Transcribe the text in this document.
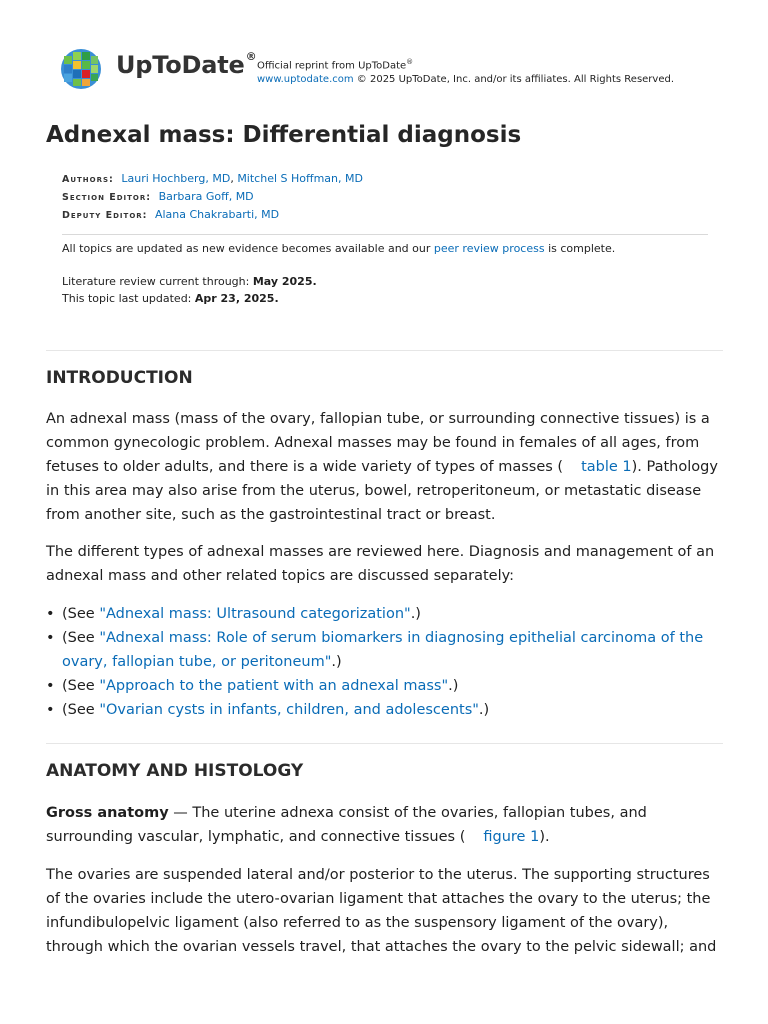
UpToDate®
Official reprint from UpToDate®
www.uptodate.com © 2025 UpToDate, Inc. and/or its affiliates. All Rights Reserved.
Adnexal mass: Differential diagnosis
Authors: Lauri Hochberg, MD, Mitchel S Hoffman, MD
Section Editor: Barbara Goff, MD
Deputy Editor: Alana Chakrabarti, MD
All topics are updated as new evidence becomes available and our peer review process is complete.
Literature review current through: May 2025.
This topic last updated: Apr 23, 2025.
INTRODUCTION

An adnexal mass (mass of the ovary, fallopian tube, or surrounding connective tissues) is a common gynecologic problem. Adnexal masses may be found in females of all ages, from fetuses to older adults, and there is a wide variety of types of masses ( table 1). Pathology in this area may also arise from the uterus, bowel, retroperitoneum, or metastatic disease from another site, such as the gastrointestinal tract or breast.

The different types of adnexal masses are reviewed here. Diagnosis and management of an adnexal mass and other related topics are discussed separately:

• (See "Adnexal mass: Ultrasound categorization".)
• (See "Adnexal mass: Role of serum biomarkers in diagnosing epithelial carcinoma of the ovary, fallopian tube, or peritoneum".)
• (See "Approach to the patient with an adnexal mass".)
• (See "Ovarian cysts in infants, children, and adolescents".)
ANATOMY AND HISTOLOGY

Gross anatomy — The uterine adnexa consist of the ovaries, fallopian tubes, and surrounding vascular, lymphatic, and connective tissues ( figure 1).

The ovaries are suspended lateral and/or posterior to the uterus. The supporting structures of the ovaries include the utero-ovarian ligament that attaches the ovary to the uterus; the infundibulopelvic ligament (also referred to as the suspensory ligament of the ovary), through which the ovarian vessels travel, that attaches the ovary to the pelvic sidewall; and
